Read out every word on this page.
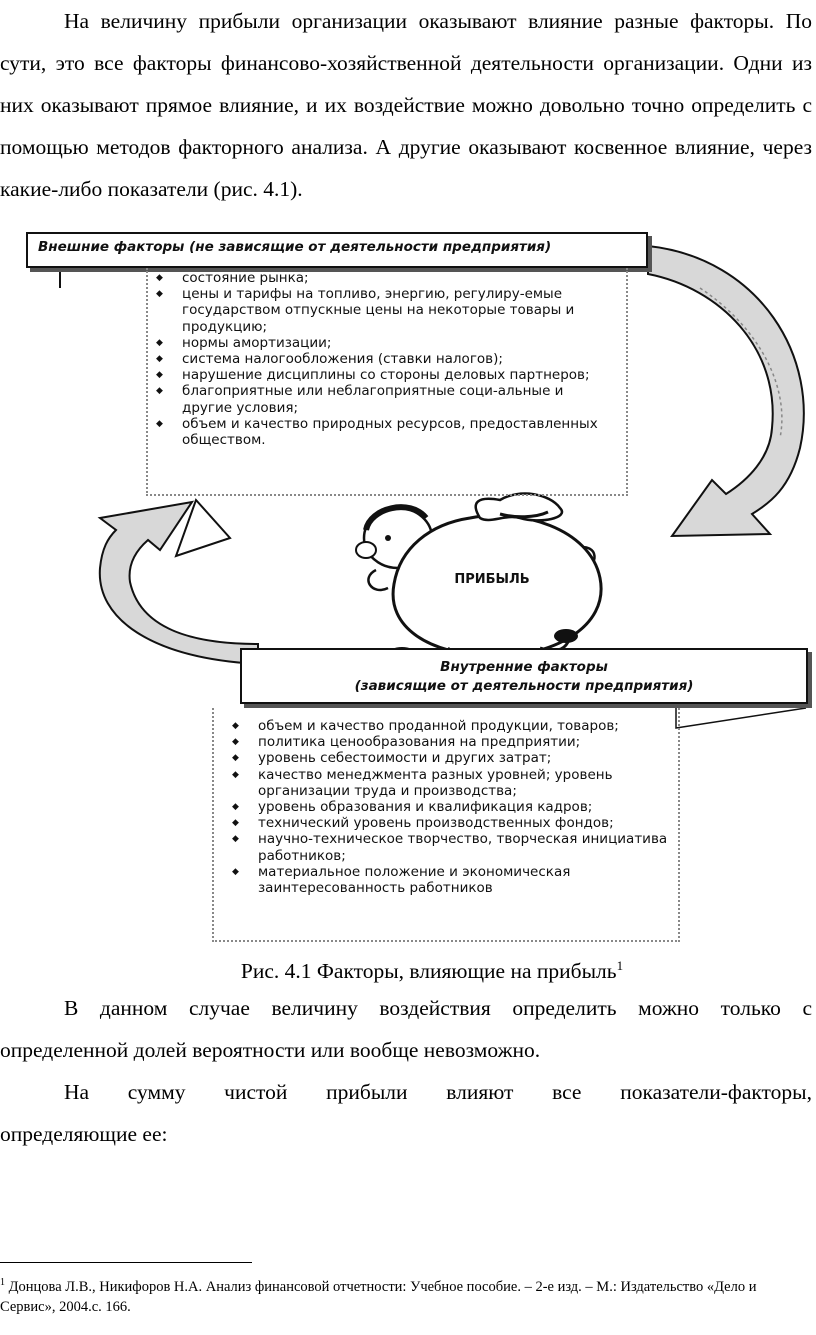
На величину прибыли организации оказывают влияние разные факторы. По сути, это все факторы финансово-хозяйственной деятельности организации. Одни из них оказывают прямое влияние, и их воздействие можно довольно точно определить с помощью методов факторного анализа. А другие оказывают косвенное влияние, через какие-либо показатели (рис. 4.1).

Внешние факторы (не зависящие от деятельности предприятия)
◆ состояние рынка;
◆ цены и тарифы на топливо, энергию, регулиру-емые государством отпускные цены на некоторые товары и продукцию;
◆ нормы амортизации;
◆ система налогообложения (ставки налогов);
◆ нарушение дисциплины со стороны деловых партнеров;
◆ благоприятные или неблагоприятные соци-альные и другие условия;
◆ объем и качество природных ресурсов, предоставленных обществом.
ПРИБЫЛЬ
Внутренние факторы
(зависящие от деятельности предприятия)
◆ объем и качество проданной продукции, товаров;
◆ политика ценообразования на предприятии;
◆ уровень себестоимости и других затрат;
◆ качество менеджмента разных уровней; уровень организации труда и производства;
◆ уровень образования и квалификация кадров;
◆ технический уровень производственных фондов;
◆ научно-техническое творчество, творческая инициатива работников;
◆ материальное положение и экономическая заинтересованность работников
Рис. 4.1 Факторы, влияющие на прибыль$^1$

В данном случае величину воздействия определить можно только с определенной долей вероятности или вообще невозможно.

На сумму чистой прибыли влияют все показатели-факторы,

определяющие ее:

$^1$ Донцова Л.В., Никифоров Н.А. Анализ финансовой отчетности: Учебное пособие. – 2-е изд. – М.: Издательство «Дело и Сервис», 2004.с. 166.
